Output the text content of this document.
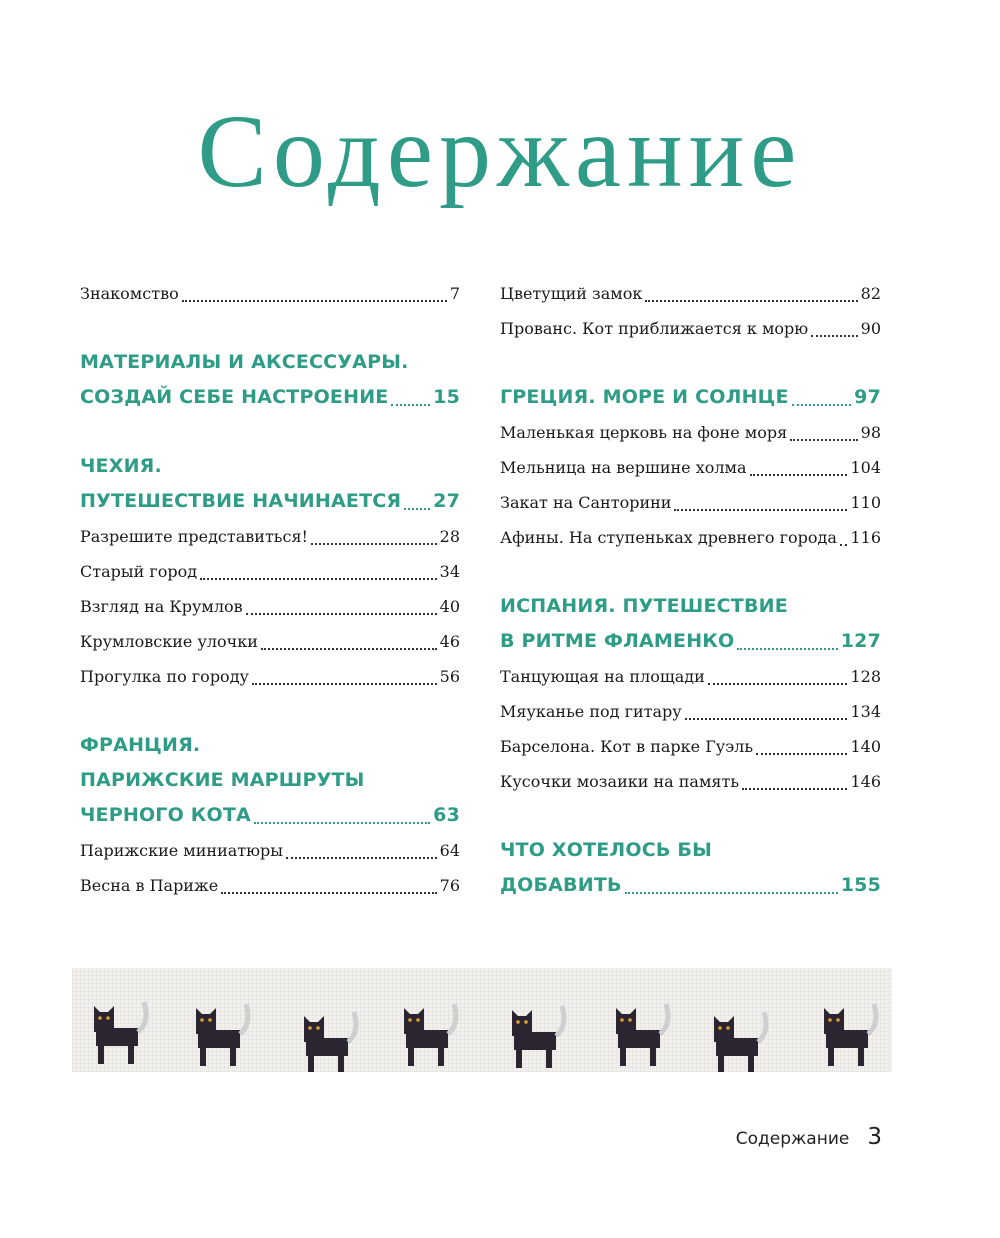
Содержание
Знакомство	7
МАТЕРИАЛЫ И АКСЕССУАРЫ.
СОЗДАЙ СЕБЕ НАСТРОЕНИЕ 15
ЧЕХИЯ.
ПУТЕШЕСТВИЕ НАЧИНАЕТСЯ 27
Разрешите представиться!	28
Старый город	34
Взгляд на Крумлов	40
Крумловские улочки	46
Прогулка по городу	56
ФРАНЦИЯ.
ПАРИЖСКИЕ МАРШРУТЫ
ЧЕРНОГО КОТА	63
Парижские миниатюры	64
Весна в Париже	76
Цветущий замок	82
Прованс. Кот приближается к морю	90
ГРЕЦИЯ. МОРЕ И СОЛНЦЕ	97
Маленькая церковь на фоне моря	98
Мельница на вершине холма	104
Закат на Санторини	110
Афины. На ступеньках древнего города 116
ИСПАНИЯ. ПУТЕШЕСТВИЕ
В РИТМЕ ФЛАМЕНКО	127
Танцующая на площади	128
Мяуканье под гитару	134
Барселона. Кот в парке Гуэль	140
Кусочки мозаики на память	146
ЧТО ХОТЕЛОСЬ БЫ
ДОБАВИТЬ	155
Содержание 3
